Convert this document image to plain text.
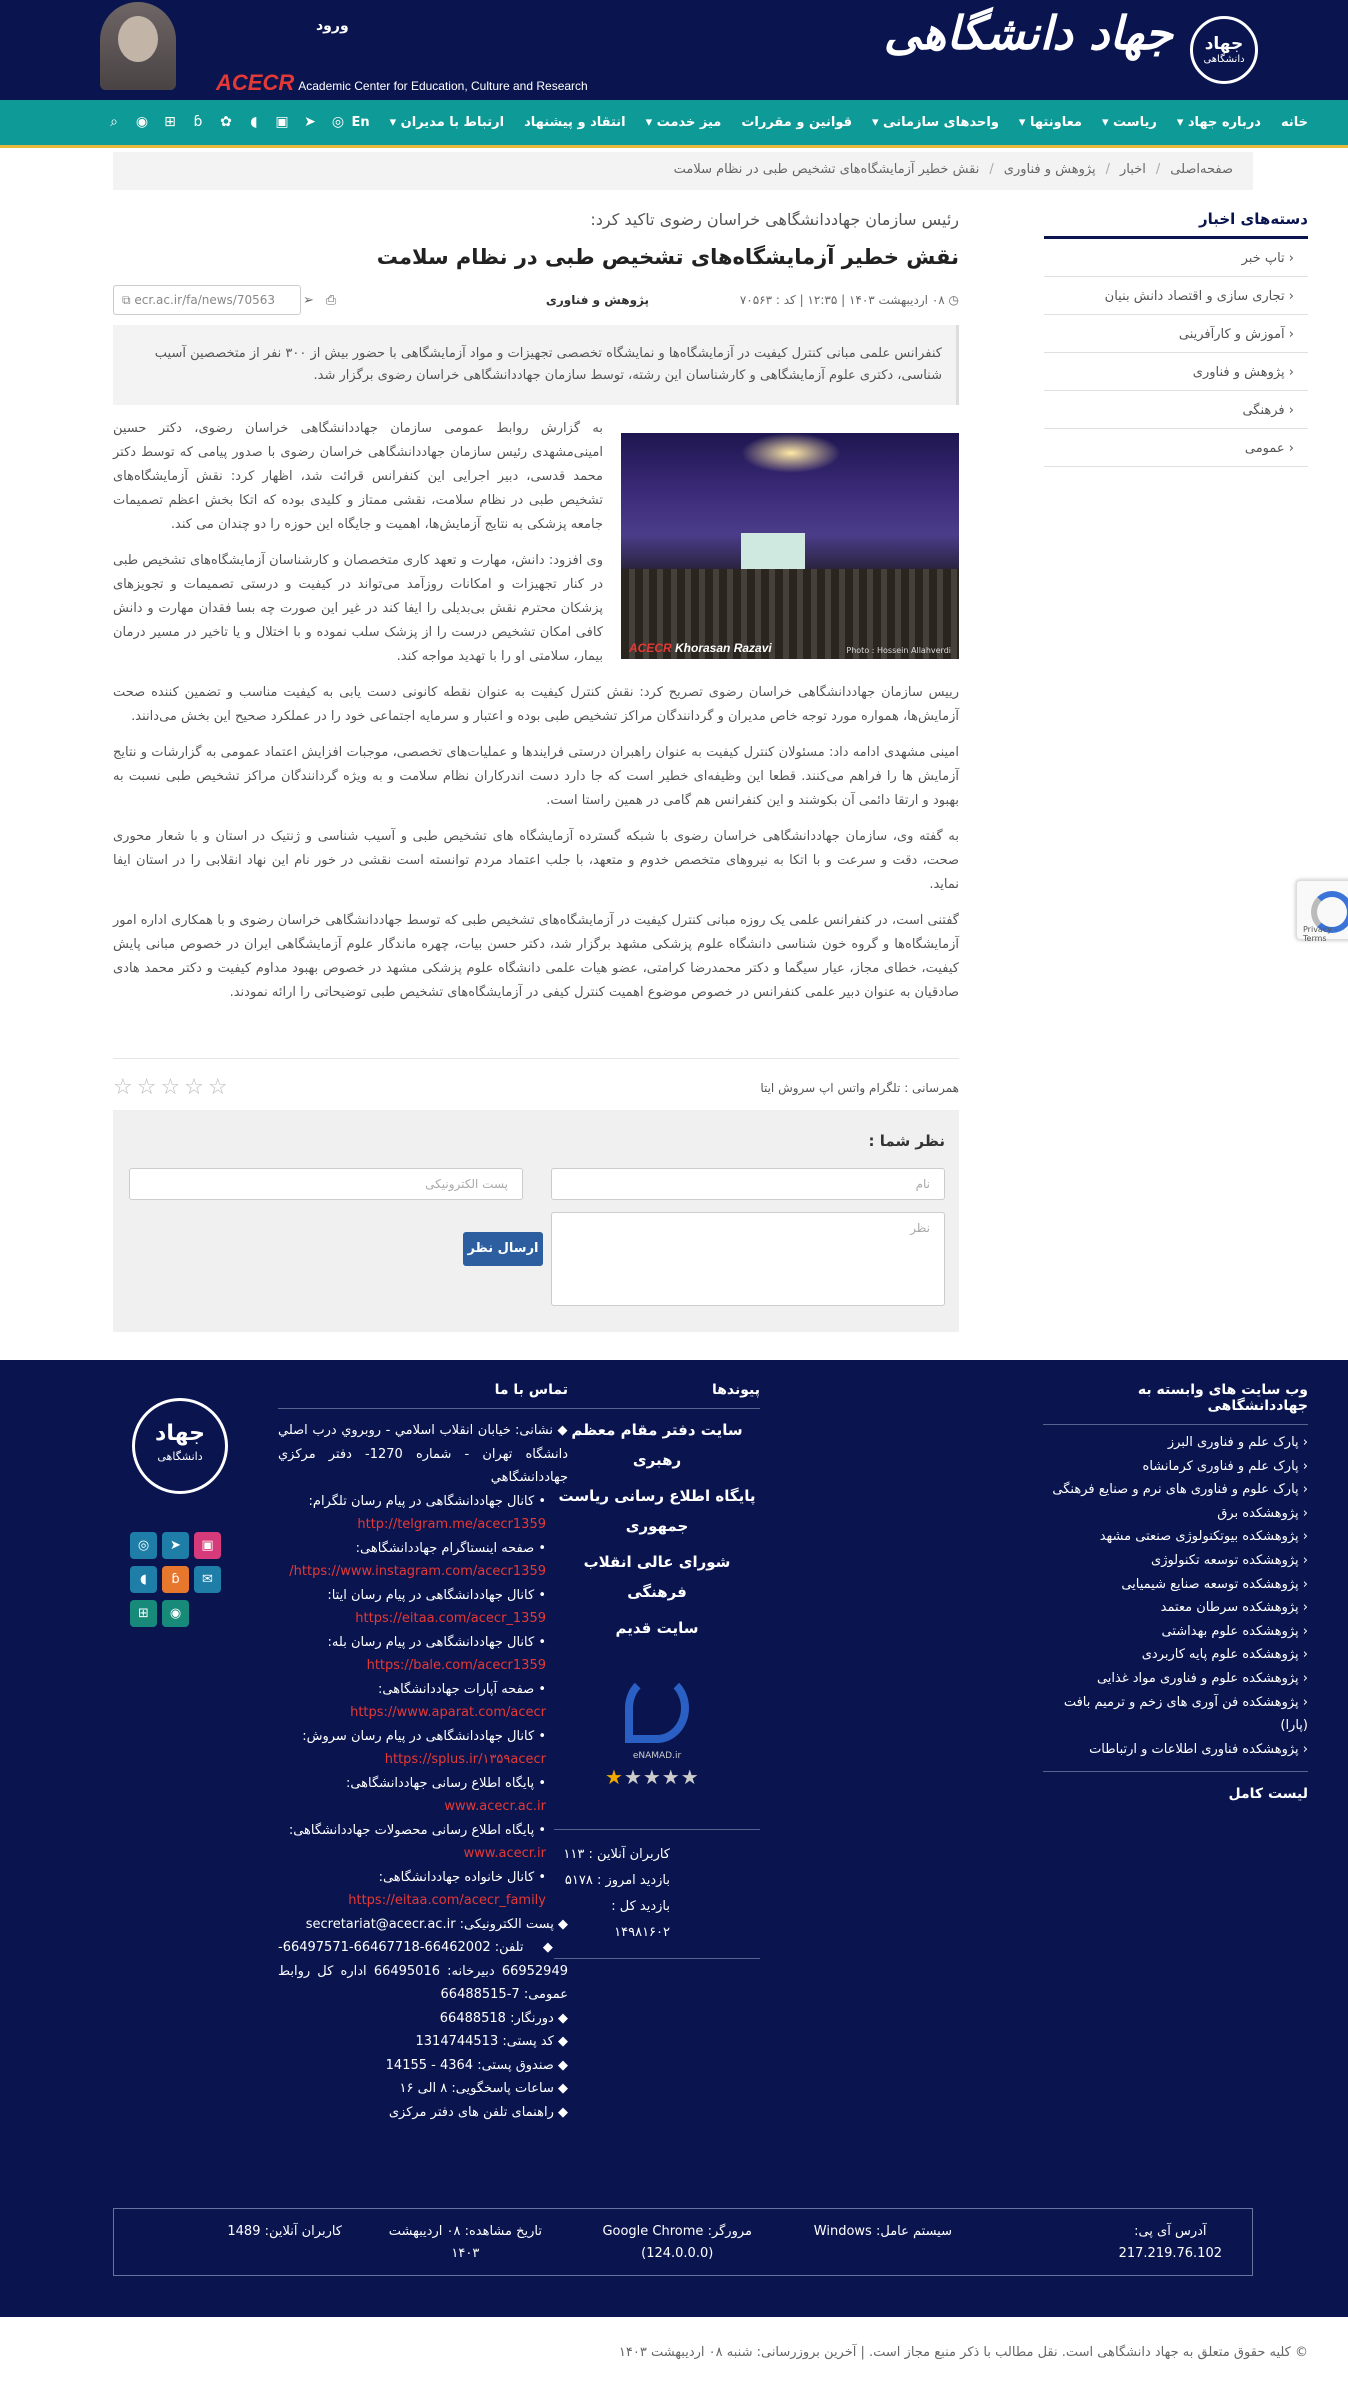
جهاد
دانشگاهی
جهاد دانشگاهی
ورود
ACECR Academic Center for Education, Culture and Research
خانه
درباره جهاد ▾
ریاست ▾
معاونتها ▾
واحدهای سازمانی ▾
قوانین و مقررات
میز خدمت ▾
انتقاد و پیشنهاد
ارتباط با مدیران ▾
En
⌕	◉ ⊞	ɓ	✿	◖	▣ ➤ ◎
صفحه‌اصلی
/
اخبار
/
پژوهش و فناوری
/
نقش خطیر آزمایشگاه‌های تشخیص طبی در نظام سلامت
دسته‌های اخبار
‹ تاپ خبر
‹ تجاری سازی و اقتصاد دانش بنیان
‹ آموزش و کارآفرینی
‹ پژوهش و فناوری
‹ فرهنگی
‹ عمومی
رئیس سازمان جهاددانشگاهی خراسان رضوی تاکید کرد:
نقش خطیر آزمایشگاه‌های تشخیص طبی در نظام سلامت
◷ ۰۸ اردیبهشت ۱۴۰۳ | ۱۲:۳۵ | کد : ۷۰۵۶۳
پژوهش و فناوری
⎙➢
⧉ ecr.ac.ir/fa/news/70563
کنفرانس علمی مبانی کنترل کیفیت در آزمایشگاه‌ها و نمایشگاه تخصصی تجهیزات و مواد آزمایشگاهی با حضور بیش از ۳۰۰ نفر از متخصصین آسیب شناسی، دکتری علوم آزمایشگاهی و کارشناسان این رشته، توسط سازمان جهاددانشگاهی خراسان رضوی برگزار شد.
ACECR Khorasan Razavi	Photo : Hossein Allahverdi

به گزارش روابط عمومی سازمان جهاددانشگاهی خراسان رضوی، دکتر حسین امینی‌مشهدی رئیس سازمان جهاددانشگاهی خراسان رضوی با صدور پیامی که توسط دکتر محمد قدسی، دبیر اجرایی این کنفرانس قرائت شد، اظهار کرد: نقش آزمایشگاه‌های تشخیص طبی در نظام سلامت، نقشی ممتاز و کلیدی بوده که اتکا بخش اعظم تصمیمات جامعه پزشکی به نتایج آزمایش‌ها، اهمیت و جایگاه این حوزه را دو چندان می کند.

وی افزود: دانش، مهارت و تعهد کاری متخصصان و کارشناسان آزمایشگاه‌های تشخیص طبی در کنار تجهیزات و امکانات روزآمد می‌تواند در کیفیت و درستی تصمیمات و تجویزهای پزشکان محترم نقش بی‌بدیلی را ایفا کند در غیر این صورت چه بسا فقدان مهارت و دانش کافی امکان تشخیص درست را از پزشک سلب نموده و با اختلال و یا تاخیر در مسیر درمان بیمار، سلامتی او را با تهدید مواجه کند.

رییس سازمان جهاددانشگاهی خراسان رضوی تصریح کرد: نقش کنترل کیفیت به عنوان نقطه کانونی دست یابی به کیفیت مناسب و تضمین کننده صحت آزمایش‌ها، همواره مورد توجه خاص مدیران و گردانندگان مراکز تشخیص طبی بوده و اعتبار و سرمایه اجتماعی خود را در عملکرد صحیح این بخش می‌دانند.

امینی مشهدی ادامه داد: مسئولان کنترل کیفیت به عنوان راهبران درستی فرایندها و عملیات‌های تخصصی، موجبات افزایش اعتماد عمومی به گزارشات و نتایج آزمایش ها را فراهم می‌کنند. قطعا این وظیفه‌ای خطیر است که جا دارد دست اندرکاران نظام سلامت و به ویژه گردانندگان مراکز تشخیص طبی نسبت به بهبود و ارتقا دائمی آن بکوشند و این کنفرانس هم گامی در همین راستا است.

به گفته وی، سازمان جهاددانشگاهی خراسان رضوی با شبکه گسترده آزمایشگاه های تشخیص طبی و آسیب شناسی و ژنتیک در استان و با شعار محوری صحت، دقت و سرعت و با اتکا به نیروهای متخصص خدوم و متعهد، با جلب اعتماد مردم توانسته است نقشی در خور نام این نهاد انقلابی را در استان ایفا نماید.

گفتنی است، در کنفرانس علمی یک روزه مبانی کنترل کیفیت در آزمایشگاه‌های تشخیص طبی که توسط جهاددانشگاهی خراسان رضوی و با همکاری اداره امور آزمایشگاه‌ها و گروه خون شناسی دانشگاه علوم پزشکی مشهد برگزار شد، دکتر حسن بیات، چهره ماندگار علوم آزمایشگاهی ایران در خصوص مبانی پایش کیفیت، خطای مجاز، عیار سیگما و دکتر محمدرضا کرامتی، عضو هیات علمی دانشگاه علوم پزشکی مشهد در خصوص بهبود مداوم کیفیت و دکتر محمد هادی صادقیان به عنوان دبیر علمی کنفرانس در خصوص موضوع اهمیت کنترل کیفی در آزمایشگاه‌های تشخیص طبی توضیحاتی را ارائه نمودند.

همرسانی : تلگرام واتس اپ سروش ایتا
☆☆☆☆☆
نظر شما :
نام
پست الکترونیکی
نظر
ارسال نظر
Privacy - Terms
وب سایت های وابسته به جهاددانشگاهی
‹ پارک علم و فناوری البرز
‹ پارک علم و فناوری کرمانشاه
‹ پارک علوم و فناوری های نرم و صنایع فرهنگی
‹ پژوهشکده برق
‹ پژوهشکده بیوتکنولوژی صنعتی مشهد
‹ پژوهشکده توسعه تکنولوژی
‹ پژوهشکده توسعه صنایع شیمیایی
‹ پژوهشکده سرطان معتمد
‹ پژوهشکده علوم بهداشتی
‹ پژوهشکده علوم پایه کاربردی
‹ پژوهشکده علوم و فناوری مواد غذایی
‹ پژوهشکده فن آوری های زخم و ترمیم بافت (پارا)
‹ پژوهشکده فناوری اطلاعات و ارتباطات
لیست کامل
پیوندها
سایت دفتر مقام معظم رهبری
پایگاه اطلاع رسانی ریاست جمهوری
شورای عالی انقلاب فرهنگی
سایت قدیم
eNAMAD.ir
★★★★★
کاربران آنلاین : ۱۱۳
بازدید امروز : ۵۱۷۸
بازدید کل : ۱۴۹۸۱۶۰۲
تماس با ما
◆ نشانی: خیابان انقلاب اسلامي - روبروي درب اصلي دانشگاه تهران - شماره 1270- دفتر مرکزي جهاددانشگاهي
• کانال جهاددانشگاهی در پیام رسان تلگرام:
http://telgram.me/acecr1359
• صفحه اینستاگرام جهاددانشگاهی:
https://www.instagram.com/acecr1359/
• کانال جهاددانشگاهی در پیام رسان ایتا:
https://eitaa.com/acecr_1359
• کانال جهاددانشگاهی در پیام رسان بله:
https://bale.com/acecr1359
• صفحه آپارات جهاددانشگاهی:
https://www.aparat.com/acecr
• کانال جهاددانشگاهی در پیام رسان سروش:
https://splus.ir/۱۳۵۹acecr
• پایگاه اطلاع رسانی جهاددانشگاهی:
www.acecr.ac.ir
• پایگاه اطلاع رسانی محصولات جهاددانشگاهی:
www.acecr.ir
• کانال خانواده جهاددانشگاهی:
https://eitaa.com/acecr_family
◆ پست الکترونیکی: secretariat@acecr.ac.ir
◆ تلفن: 66462002-66467718-66497571-66952949 دبیرخانه: 66495016 اداره کل روابط عمومی: 7-66488515
◆ دورنگار: 66488518
◆ کد پستی: 1314744513
◆ صندوق پستی: 4364 - 14155
◆ ساعات پاسخگویی: ۸ الی ۱۶
◆ راهنمای تلفن های دفتر مرکزی
جهاد
دانشگاهی
◎	➤	▣
◖	ɓ	✉
⊞	◉
آدرس آی پی:
217.219.76.102
سیستم عامل: Windows
مرورگر: Google Chrome
(124.0.0.0)
تاریخ مشاهده: ۰۸ اردیبهشت
۱۴۰۳
کاربران آنلاین: 1489
© کلیه حقوق متعلق به جهاد دانشگاهی است. نقل مطالب با ذکر منبع مجاز است. | آخرین بروزرسانی: شنبه ۰۸ اردیبهشت ۱۴۰۳
